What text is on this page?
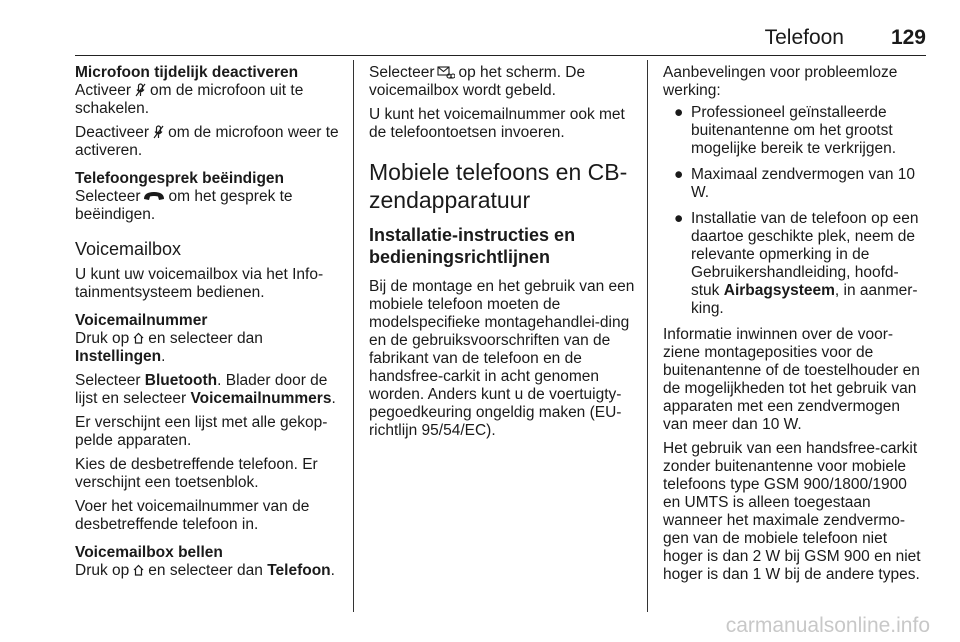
Telefoon 129

Microfoon tijdelijk deactiveren

Activeer om de microfoon uit te schakelen.

Deactiveer om de microfoon weer te activeren.

Telefoongesprek beëindigen

Selecteer om het gesprek te beëindigen.

Voicemailbox

U kunt uw voicemailbox via het Info-tainmentsysteem bedienen.

Voicemailnummer

Druk op en selecteer dan Instellingen.

Selecteer Bluetooth. Blader door de lijst en selecteer Voicemailnummers.

Er verschijnt een lijst met alle gekop-pelde apparaten.

Kies de desbetreffende telefoon. Er verschijnt een toetsenblok.

Voer het voicemailnummer van de desbetreffende telefoon in.

Voicemailbox bellen

Druk op en selecteer dan Telefoon.

Selecteer op het scherm. De voicemailbox wordt gebeld.

U kunt het voicemailnummer ook met de telefoontoetsen invoeren.

Mobiele telefoons en CB-zendapparatuur

Installatie-instructies en bedieningsrichtlijnen

Bij de montage en het gebruik van een mobiele telefoon moeten de modelspecifieke montagehandlei-ding en de gebruiksvoorschriften van de fabrikant van de telefoon en de handsfree-carkit in acht genomen worden. Anders kunt u de voertuigty-pegoedkeuring ongeldig maken (EU-richtlijn 95/54/EC).

Aanbevelingen voor probleemloze werking:

● Professioneel geïnstalleerde buitenantenne om het grootst mogelijke bereik te verkrijgen.
● Maximaal zendvermogen van 10 W.
● Installatie van de telefoon op een daartoe geschikte plek, neem de relevante opmerking in de Gebruikershandleiding, hoofd-stuk Airbagsysteem, in aanmer-king.

Informatie inwinnen over de voor-ziene montageposities voor de buitenantenne of de toestelhouder en de mogelijkheden tot het gebruik van apparaten met een zendvermogen van meer dan 10 W.

Het gebruik van een handsfree-carkit zonder buitenantenne voor mobiele telefoons type GSM 900/1800/1900 en UMTS is alleen toegestaan wanneer het maximale zendvermo-gen van de mobiele telefoon niet hoger is dan 2 W bij GSM 900 en niet hoger is dan 1 W bij de andere types.

carmanualsonline.info
